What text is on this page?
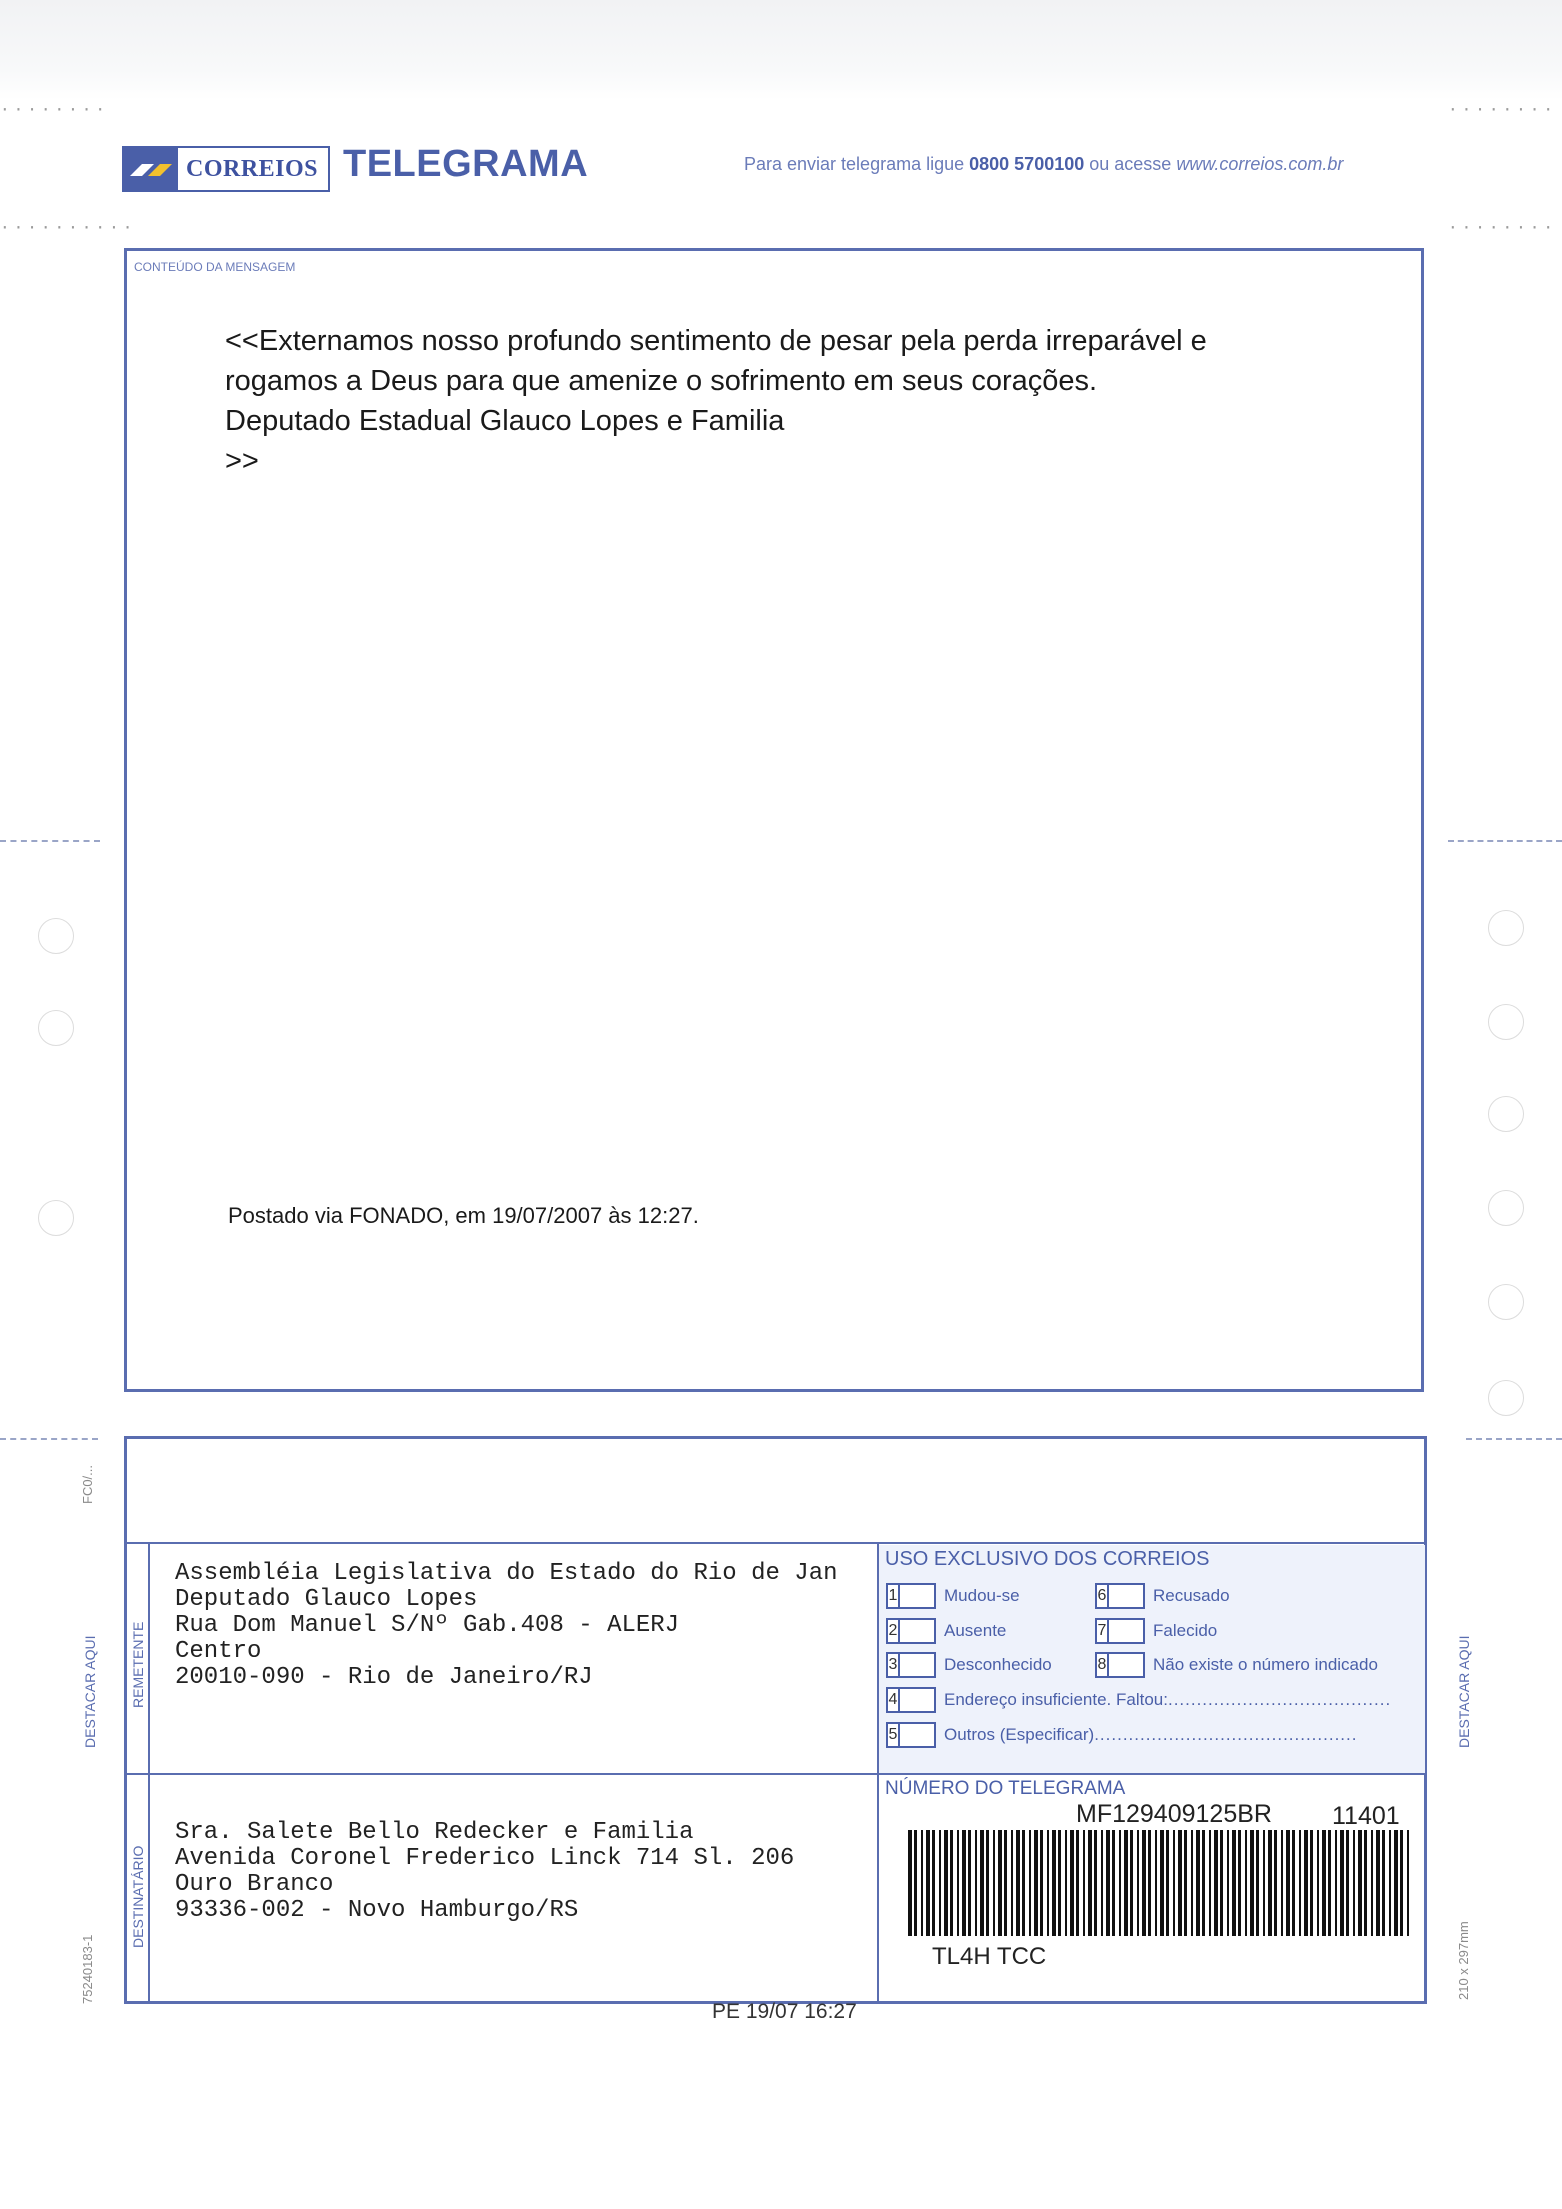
········
··········
········
········
CORREIOS TELEGRAMA	Para enviar telegrama ligue 0800 5700100 ou acesse www.correios.com.br
CONTEÚDO DA MENSAGEM
<<Externamos nosso profundo sentimento de pesar pela perda irreparável e
rogamos a Deus para que amenize o sofrimento em seus corações.
Deputado Estadual Glauco Lopes e Familia
>>
Postado via FONADO, em 19/07/2007 às 12:27.
REMETENTE
DESTINATÁRIO
Assembléia Legislativa do Estado do Rio de Jan
Deputado Glauco Lopes
Rua Dom Manuel S/Nº Gab.408 - ALERJ
Centro
20010-090 - Rio de Janeiro/RJ
Sra. Salete Bello Redecker e Familia
Avenida Coronel Frederico Linck 714 Sl. 206
Ouro Branco
93336-002 - Novo Hamburgo/RS
USO EXCLUSIVO DOS CORREIOS
1	Mudou-se	6	Recusado
2	Ausente	7	Falecido
3	Desconhecido	8	Não existe o número indicado
4	Endereço insuficiente. Faltou: .......................................
5	Outros (Especificar) ..............................................
NÚMERO DO TELEGRAMA
MF129409125BR 11401
TL4H TCC
PE 19/07 16:27
DESTACAR AQUI	DESTACAR AQUI
75240183-1	210 x 297mm
FC0/...
